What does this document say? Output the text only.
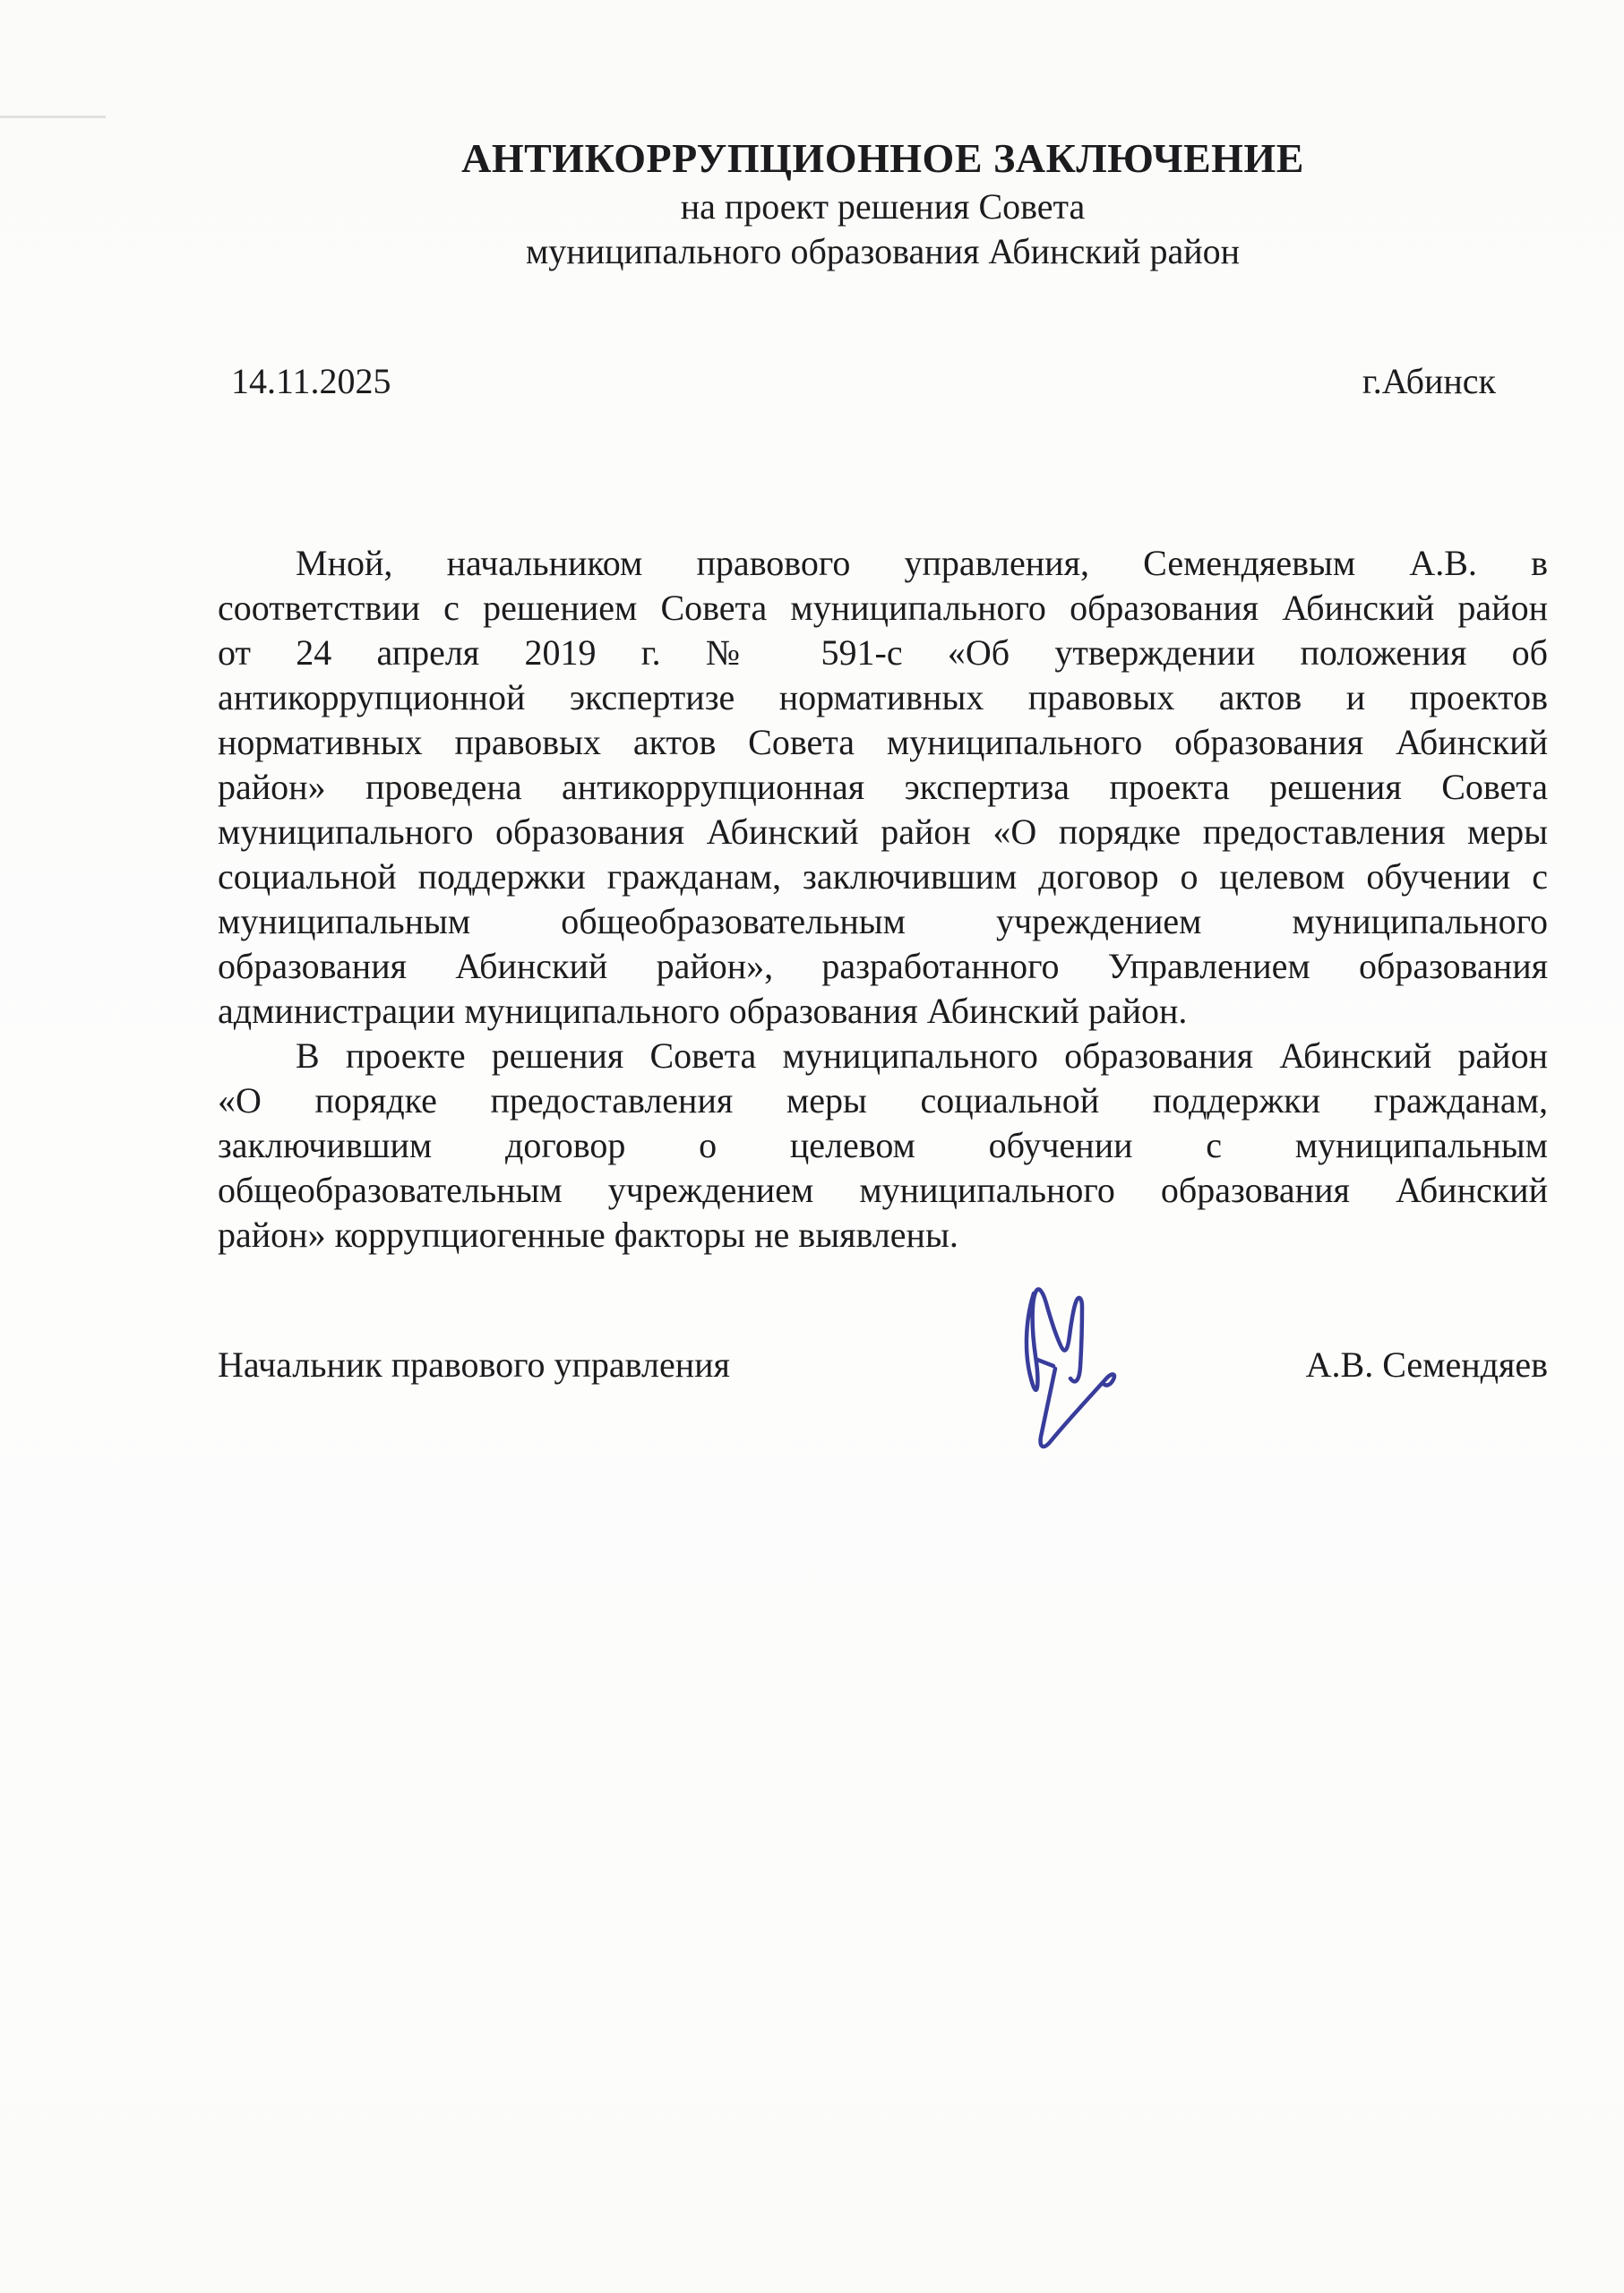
АНТИКОРРУПЦИОННОЕ ЗАКЛЮЧЕНИЕ
на проект решения Совета
муниципального образования Абинский район
14.11.2025	г.Абинск
Мной, начальником правового управления, Семендяевым А.В. в
соответствии с решением Совета муниципального образования Абинский район
от 24 апреля 2019 г. № 591-с «Об утверждении положения об
антикоррупционной экспертизе нормативных правовых актов и проектов
нормативных правовых актов Совета муниципального образования Абинский
район» проведена антикоррупционная экспертиза проекта решения Совета
муниципального образования Абинский район «О порядке предоставления меры
социальной поддержки гражданам, заключившим договор о целевом обучении с
муниципальным общеобразовательным учреждением муниципального
образования Абинский район», разработанного Управлением образования
администрации муниципального образования Абинский район.
В проекте решения Совета муниципального образования Абинский район
«О порядке предоставления меры социальной поддержки гражданам,
заключившим договор о целевом обучении с муниципальным
общеобразовательным учреждением муниципального образования Абинский
район» коррупциогенные факторы не выявлены.
Начальник правового управления	А.В. Семендяев
